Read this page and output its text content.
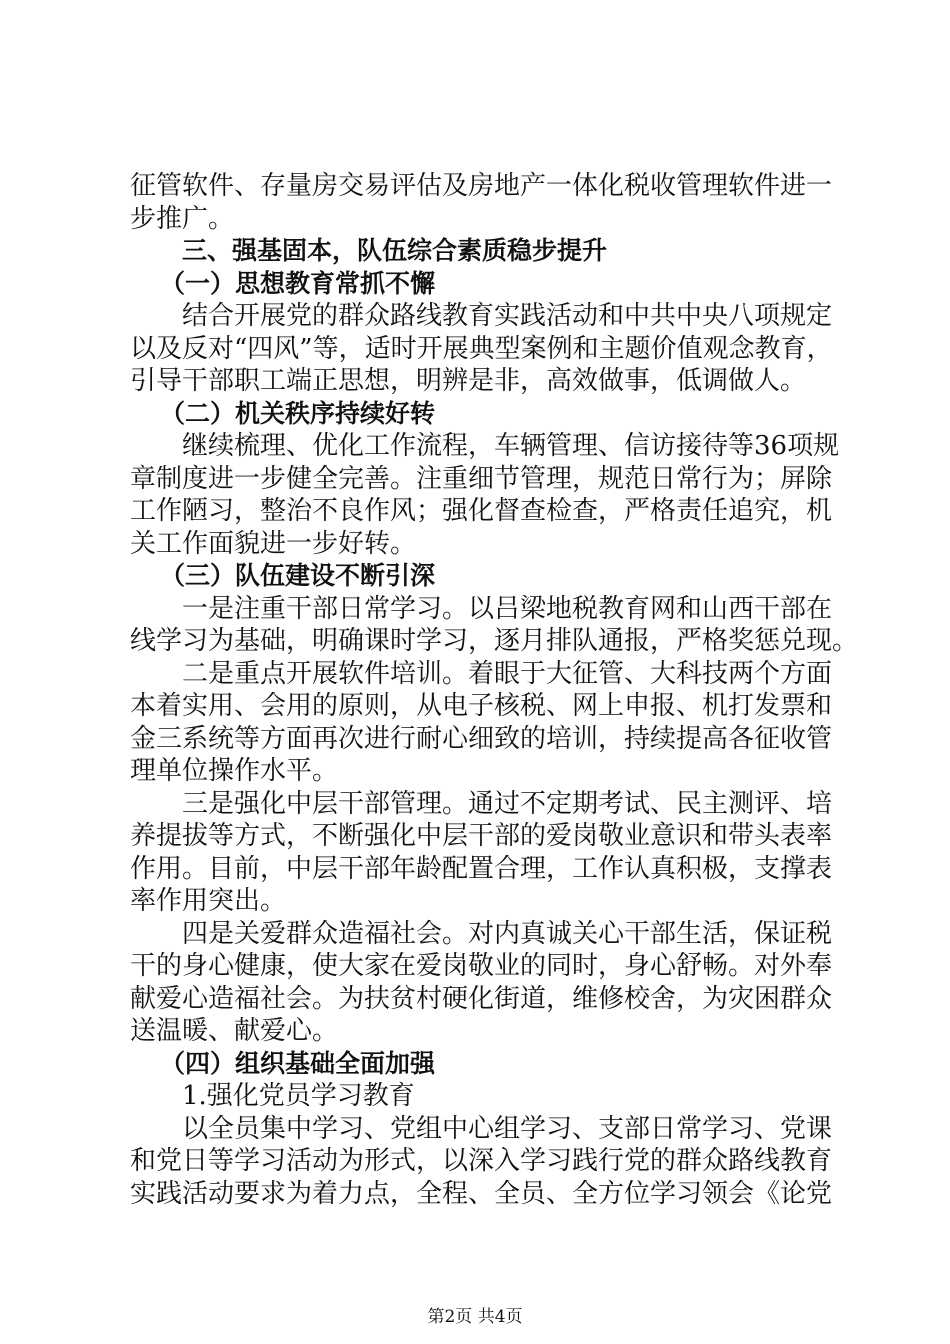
征管软件、存量房交易评估及房地产一体化税收管理软件进一
步推广。
三、强基固本，队伍综合素质稳步提升
（一）思想教育常抓不懈
结合开展党的群众路线教育实践活动和中共中央八项规定
以及反对“四风”等，适时开展典型案例和主题价值观念教育，
引导干部职工端正思想，明辨是非，高效做事，低调做人。
（二）机关秩序持续好转
继续梳理、优化工作流程，车辆管理、信访接待等36项规
章制度进一步健全完善。注重细节管理，规范日常行为；屏除
工作陋习，整治不良作风；强化督查检查，严格责任追究，机
关工作面貌进一步好转。
（三）队伍建设不断引深
一是注重干部日常学习。以吕梁地税教育网和山西干部在
线学习为基础，明确课时学习，逐月排队通报，严格奖惩兑现。
二是重点开展软件培训。着眼于大征管、大科技两个方面
本着实用、会用的原则，从电子核税、网上申报、机打发票和
金三系统等方面再次进行耐心细致的培训，持续提高各征收管
理单位操作水平。
三是强化中层干部管理。通过不定期考试、民主测评、培
养提拔等方式，不断强化中层干部的爱岗敬业意识和带头表率
作用。目前，中层干部年龄配置合理，工作认真积极，支撑表
率作用突出。
四是关爱群众造福社会。对内真诚关心干部生活，保证税
干的身心健康，使大家在爱岗敬业的同时，身心舒畅。对外奉
献爱心造福社会。为扶贫村硬化街道，维修校舍，为灾困群众
送温暖、献爱心。
（四）组织基础全面加强
1.强化党员学习教育
以全员集中学习、党组中心组学习、支部日常学习、党课
和党日等学习活动为形式，以深入学习践行党的群众路线教育
实践活动要求为着力点，全程、全员、全方位学习领会《论党
第2页 共4页
